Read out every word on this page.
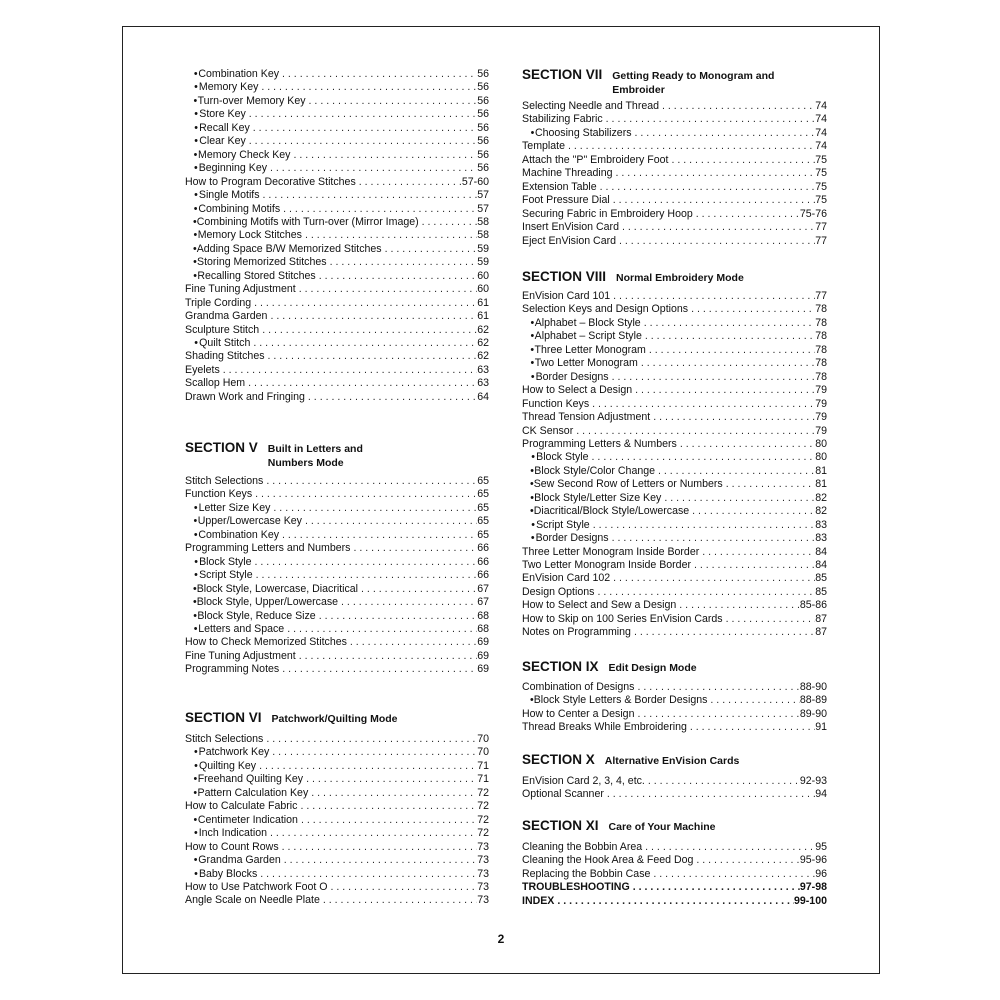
• Combination Key . . .	56
• Memory Key . . .	56
• Turn-over Memory Key . . .	56
• Store Key . . .	56
• Recall Key . . .	56
• Clear Key . . .	56
• Memory Check Key . . .	56
• Beginning Key . . .	56
How to Program Decorative Stitches . . .	57-60
• Single Motifs . . .	57
• Combining Motifs . . .	57
• Combining Motifs with Turn-over (Mirror Image) . . .	58
• Memory Lock Stitches . . .	58
• Adding Space B/W Memorized Stitches . . .	59
• Storing Memorized Stitches . . .	59
• Recalling Stored Stitches . . .	60
Fine Tuning Adjustment . . .	60
Triple Cording . . .	61
Grandma Garden . . .	61
Sculpture Stitch . . .	62
• Quilt Stitch . . .	62
Shading Stitches . . .	62
Eyelets . . .	63
Scallop Hem . . .	63
Drawn Work and Fringing . . .	64
SECTION V Built in Letters and
Numbers Mode
Stitch Selections . . .	65
Function Keys . . .	65
• Letter Size Key . . .	65
• Upper/Lowercase Key . . .	65
• Combination Key . . .	65
Programming Letters and Numbers . . .	66
• Block Style . . .	66
• Script Style . . .	66
• Block Style, Lowercase, Diacritical . . .	67
• Block Style, Upper/Lowercase . . .	67
• Block Style, Reduce Size . . .	68
• Letters and Space . . .	68
How to Check Memorized Stitches . . .	69
Fine Tuning Adjustment . . .	69
Programming Notes . . .	69
SECTION VI Patchwork/Quilting Mode
Stitch Selections . . .	70
• Patchwork Key . . .	70
• Quilting Key . . .	71
• Freehand Quilting Key . . .	71
• Pattern Calculation Key . . .	72
How to Calculate Fabric . . .	72
• Centimeter Indication . . .	72
• Inch Indication . . .	72
How to Count Rows . . .	73
• Grandma Garden . . .	73
• Baby Blocks . . .	73
How to Use Patchwork Foot O . . .	73
Angle Scale on Needle Plate . . .	73
SECTION VII Getting Ready to Monogram and
Embroider
Selecting Needle and Thread . . .	74
Stabilizing Fabric . . .	74
• Choosing Stabilizers . . .	74
Template . . .	74
Attach the "P" Embroidery Foot . . .	75
Machine Threading . . .	75
Extension Table . . .	75
Foot Pressure Dial . . .	75
Securing Fabric in Embroidery Hoop . . .	75-76
Insert EnVision Card . . .	77
Eject EnVision Card . . .	77
SECTION VIII Normal Embroidery Mode
EnVision Card 101 . . .	77
Selection Keys and Design Options . . .	78
• Alphabet – Block Style . . .	78
• Alphabet – Script Style . . .	78
• Three Letter Monogram . . .	78
• Two Letter Monogram . . .	78
• Border Designs . . .	78
How to Select a Design . . .	79
Function Keys . . .	79
Thread Tension Adjustment . . .	79
CK Sensor . . .	79
Programming Letters & Numbers . . .	80
• Block Style . . .	80
• Block Style/Color Change . . .	81
• Sew Second Row of Letters or Numbers . . .	81
• Block Style/Letter Size Key . . .	82
• Diacritical/Block Style/Lowercase . . .	82
• Script Style . . .	83
• Border Designs . . .	83
Three Letter Monogram Inside Border . . .	84
Two Letter Monogram Inside Border . . .	84
EnVision Card 102 . . .	85
Design Options . . .	85
How to Select and Sew a Design . . .	85-86
How to Skip on 100 Series EnVision Cards . . .	87
Notes on Programming . . .	87
SECTION IX Edit Design Mode
Combination of Designs . . .	88-90
• Block Style Letters & Border Designs . . .	88-89
How to Center a Design . . .	89-90
Thread Breaks While Embroidering . . .	91
SECTION X Alternative EnVision Cards
EnVision Card 2, 3, 4, etc. . . .	92-93
Optional Scanner . . .	94
SECTION XI Care of Your Machine
Cleaning the Bobbin Area . . .	95
Cleaning the Hook Area & Feed Dog . . .	95-96
Replacing the Bobbin Case . . .	96
TROUBLESHOOTING . . .	97-98
INDEX . . .	99-100
2
